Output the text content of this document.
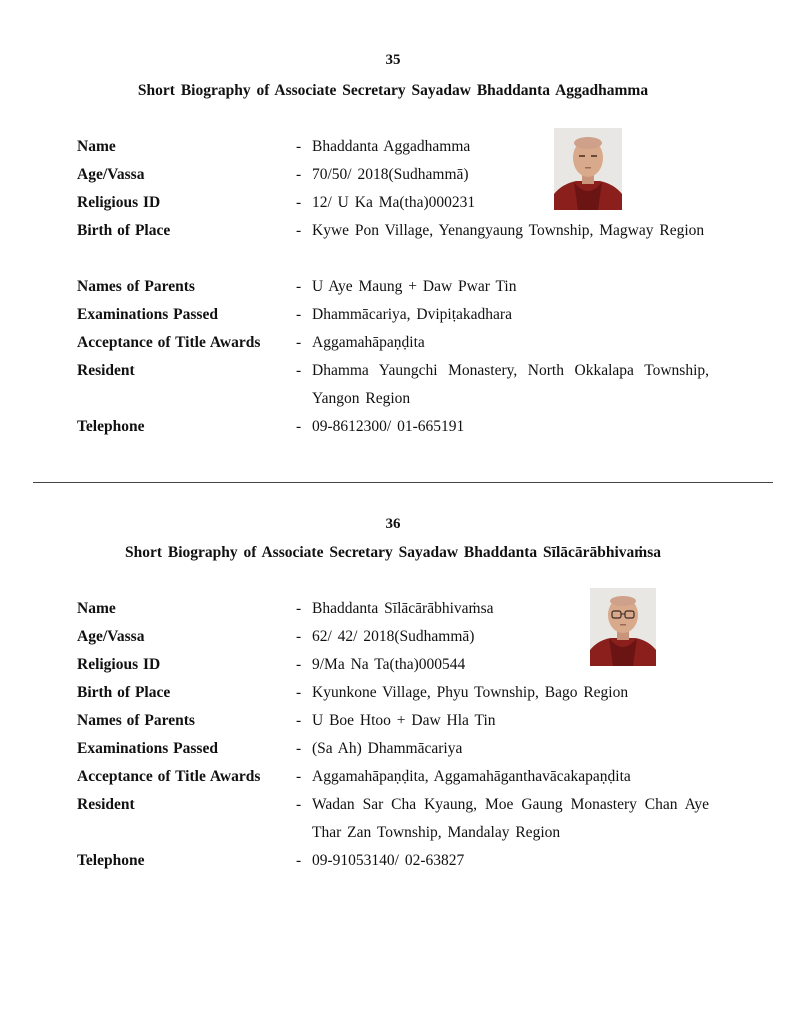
35
Short Biography of Associate Secretary Sayadaw Bhaddanta Aggadhamma
Name	- Bhaddanta Aggadhamma
Age/Vassa	- 70/50/ 2018(Sudhammā)
Religious ID	- 12/ U Ka Ma(tha)000231
Birth of Place	- Kywe Pon Village, Yenangyaung Township, Magway Region
Names of Parents	- U Aye Maung + Daw Pwar Tin
Examinations Passed	- Dhammācariya, Dvipiṭakadhara
Acceptance of Title Awards - Aggamahāpaṇḍita
Resident	- Dhamma Yaungchi Monastery, North Okkalapa Township, Yangon Region
Telephone	- 09-8612300/ 01-665191
36
Short Biography of Associate Secretary Sayadaw Bhaddanta Sīlācārābhivaṁsa
Name	- Bhaddanta Sīlācārābhivaṁsa
Age/Vassa	- 62/ 42/ 2018(Sudhammā)
Religious ID	- 9/Ma Na Ta(tha)000544
Birth of Place	- Kyunkone Village, Phyu Township, Bago Region
Names of Parents	- U Boe Htoo + Daw Hla Tin
Examinations Passed	- (Sa Ah) Dhammācariya
Acceptance of Title Awards - Aggamahāpaṇḍita, Aggamahāganthavācakapaṇḍita
Resident	- Wadan Sar Cha Kyaung, Moe Gaung Monastery Chan Aye Thar Zan Township, Mandalay Region
Telephone	- 09-91053140/ 02-63827
